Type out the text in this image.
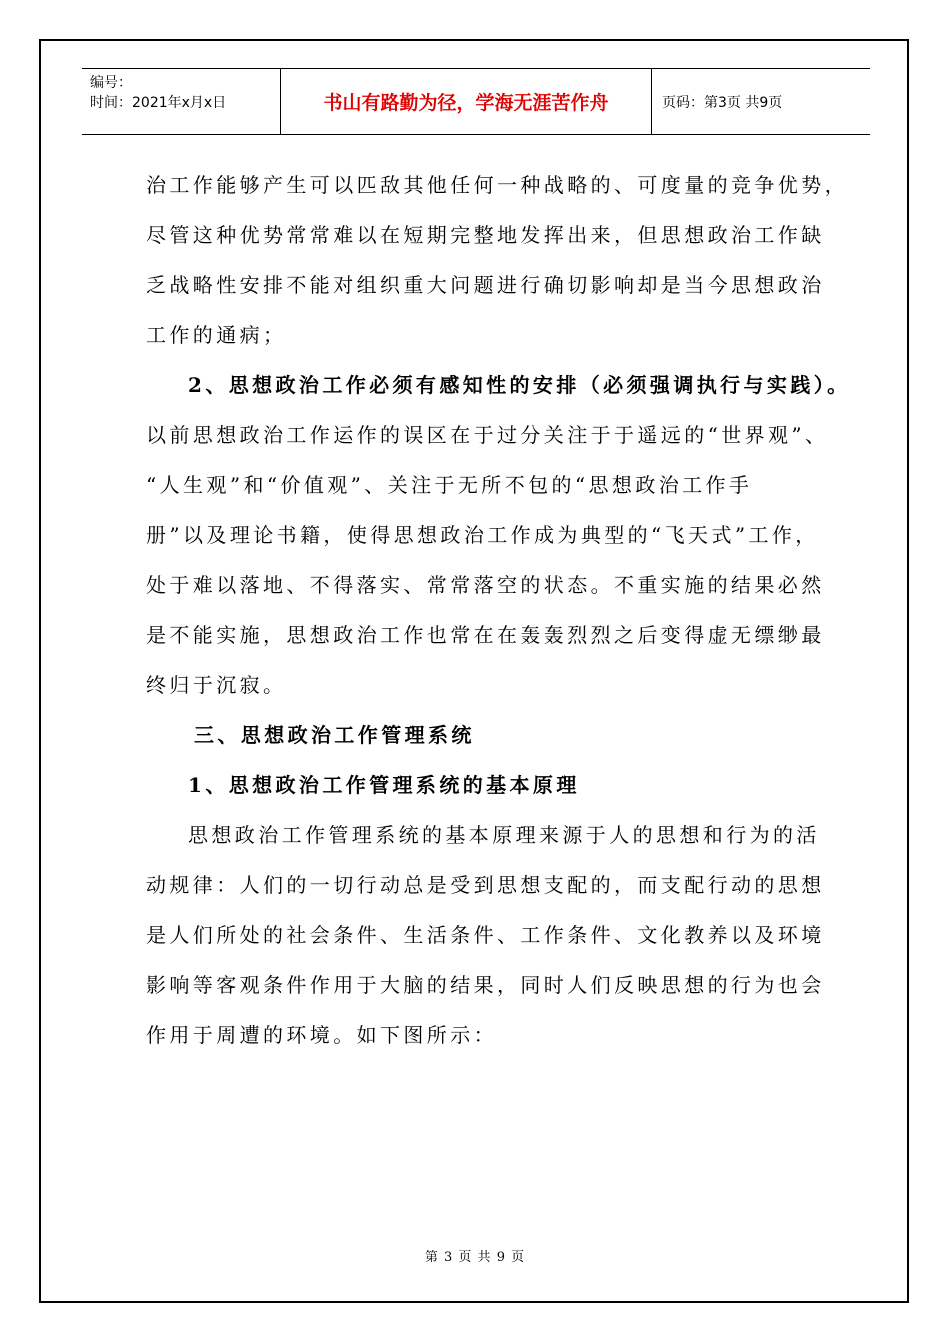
编号：
时间：2021年x月x日	书山有路勤为径，学海无涯苦作舟	页码：第3页 共9页
治工作能够产生可以匹敌其他任何一种战略的、可度量的竞争优势，
尽管这种优势常常难以在短期完整地发挥出来，但思想政治工作缺
乏战略性安排不能对组织重大问题进行确切影响却是当今思想政治
工作的通病；
2、思想政治工作必须有感知性的安排（必须强调执行与实践）。
以前思想政治工作运作的误区在于过分关注于于遥远的“世界观”、
“人生观”和“价值观”、关注于无所不包的“思想政治工作手
册”以及理论书籍，使得思想政治工作成为典型的“飞天式”工作，
处于难以落地、不得落实、常常落空的状态。不重实施的结果必然
是不能实施，思想政治工作也常在在轰轰烈烈之后变得虚无缥缈最
终归于沉寂。
三、思想政治工作管理系统
1、思想政治工作管理系统的基本原理
思想政治工作管理系统的基本原理来源于人的思想和行为的活
动规律：人们的一切行动总是受到思想支配的，而支配行动的思想
是人们所处的社会条件、生活条件、工作条件、文化教养以及环境
影响等客观条件作用于大脑的结果，同时人们反映思想的行为也会
作用于周遭的环境。如下图所示：
第 3 页 共 9 页
